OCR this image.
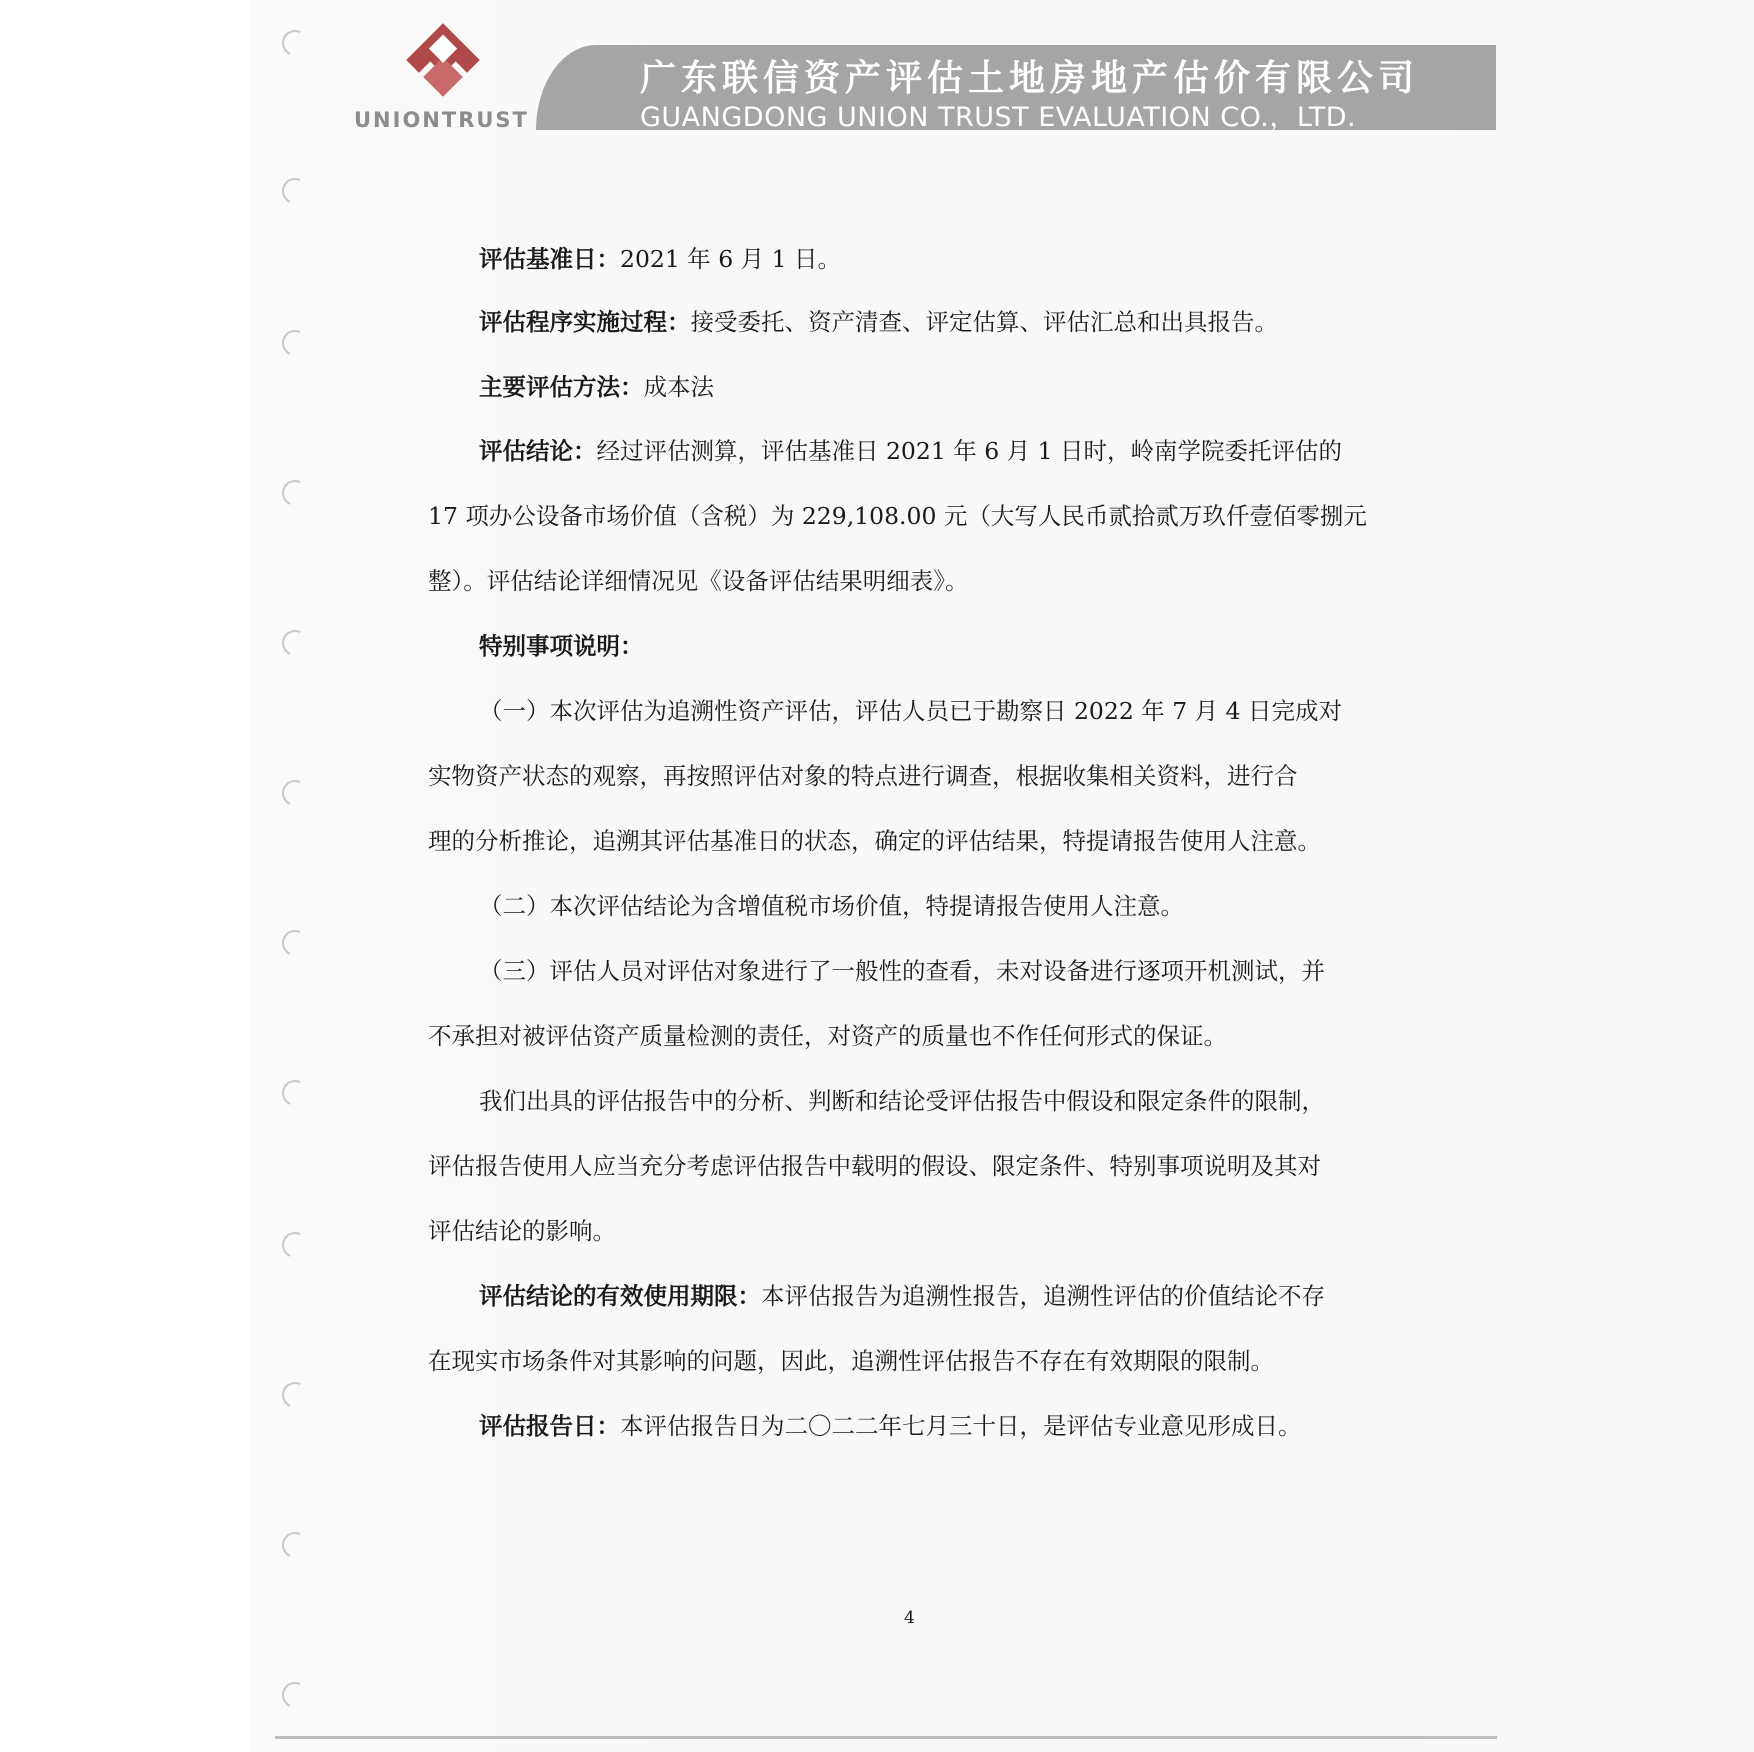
UNIONTRUST
广东联信资产评估土地房地产估价有限公司
GUANGDONG UNION TRUST EVALUATION CO.，LTD.

评估基准日：2021 年 6 月 1 日。

评估程序实施过程：接受委托、资产清查、评定估算、评估汇总和出具报告。

主要评估方法：成本法

评估结论：经过评估测算，评估基准日 2021 年 6 月 1 日时，岭南学院委托评估的
17 项办公设备市场价值（含税）为 229,108.00 元（大写人民币贰拾贰万玖仟壹佰零捌元
整）。评估结论详细情况见《设备评估结果明细表》。

特别事项说明：
（一）本次评估为追溯性资产评估，评估人员已于勘察日 2022 年 7 月 4 日完成对
实物资产状态的观察，再按照评估对象的特点进行调查，根据收集相关资料，进行合
理的分析推论，追溯其评估基准日的状态，确定的评估结果，特提请报告使用人注意。
（二）本次评估结论为含增值税市场价值，特提请报告使用人注意。
（三）评估人员对评估对象进行了一般性的查看，未对设备进行逐项开机测试，并
不承担对被评估资产质量检测的责任，对资产的质量也不作任何形式的保证。

我们出具的评估报告中的分析、判断和结论受评估报告中假设和限定条件的限制，
评估报告使用人应当充分考虑评估报告中载明的假设、限定条件、特别事项说明及其对
评估结论的影响。

评估结论的有效使用期限：本评估报告为追溯性报告，追溯性评估的价值结论不存
在现实市场条件对其影响的问题，因此，追溯性评估报告不存在有效期限的限制。

评估报告日：本评估报告日为二〇二二年七月三十日，是评估专业意见形成日。

4
